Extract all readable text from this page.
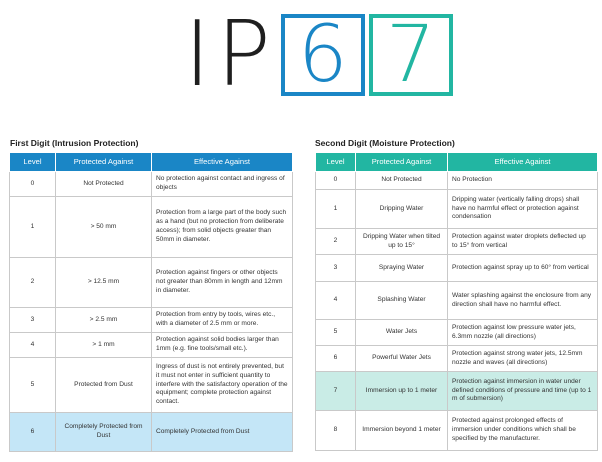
IP 6 7
First Digit (Intrusion Protection)	Second Digit (Moisture Protection)
Level	Protected Against	Effective Against
0	Not Protected	No protection against contact and ingress of objects
1	> 50 mm	Protection from a large part of the body such as a hand (but no protection from deliberate access); from solid objects greater than 50mm in diameter.
2	> 12.5 mm	Protection against fingers or other objects not greater than 80mm in length and 12mm in diameter.
3	> 2.5 mm	Protection from entry by tools, wires etc., with a diameter of 2.5 mm or more.
4	> 1 mm	Protection against solid bodies larger than 1mm (e.g. fine tools/small etc.).
5	Protected from Dust	Ingress of dust is not entirely prevented, but it must not enter in sufficient quantity to interfere with the satisfactory operation of the equipment; complete protection against contact.
6	Completely Protected from Dust	Completely Protected from Dust
Level	Protected Against	Effective Against
0	Not Protected	No Protection
1	Dripping Water	Dripping water (vertically falling drops) shall have no harmful effect or protection against condensation
2	Dripping Water when tilted up to 15°	Protection against water droplets deflected up to 15° from vertical
3	Spraying Water	Protection against spray up to 60° from vertical
4	Splashing Water	Water splashing against the enclosure from any direction shall have no harmful effect.
5	Water Jets	Protection against low pressure water jets, 6.3mm nozzle (all directions)
6	Powerful Water Jets	Protection against strong water jets, 12.5mm nozzle and waves (all directions)
7	Immersion up to 1 meter	Protection against immersion in water under defined conditions of pressure and time (up to 1 m of submersion)
8	Immersion beyond 1 meter	Protected against prolonged effects of immersion under conditions which shall be specified by the manufacturer.
